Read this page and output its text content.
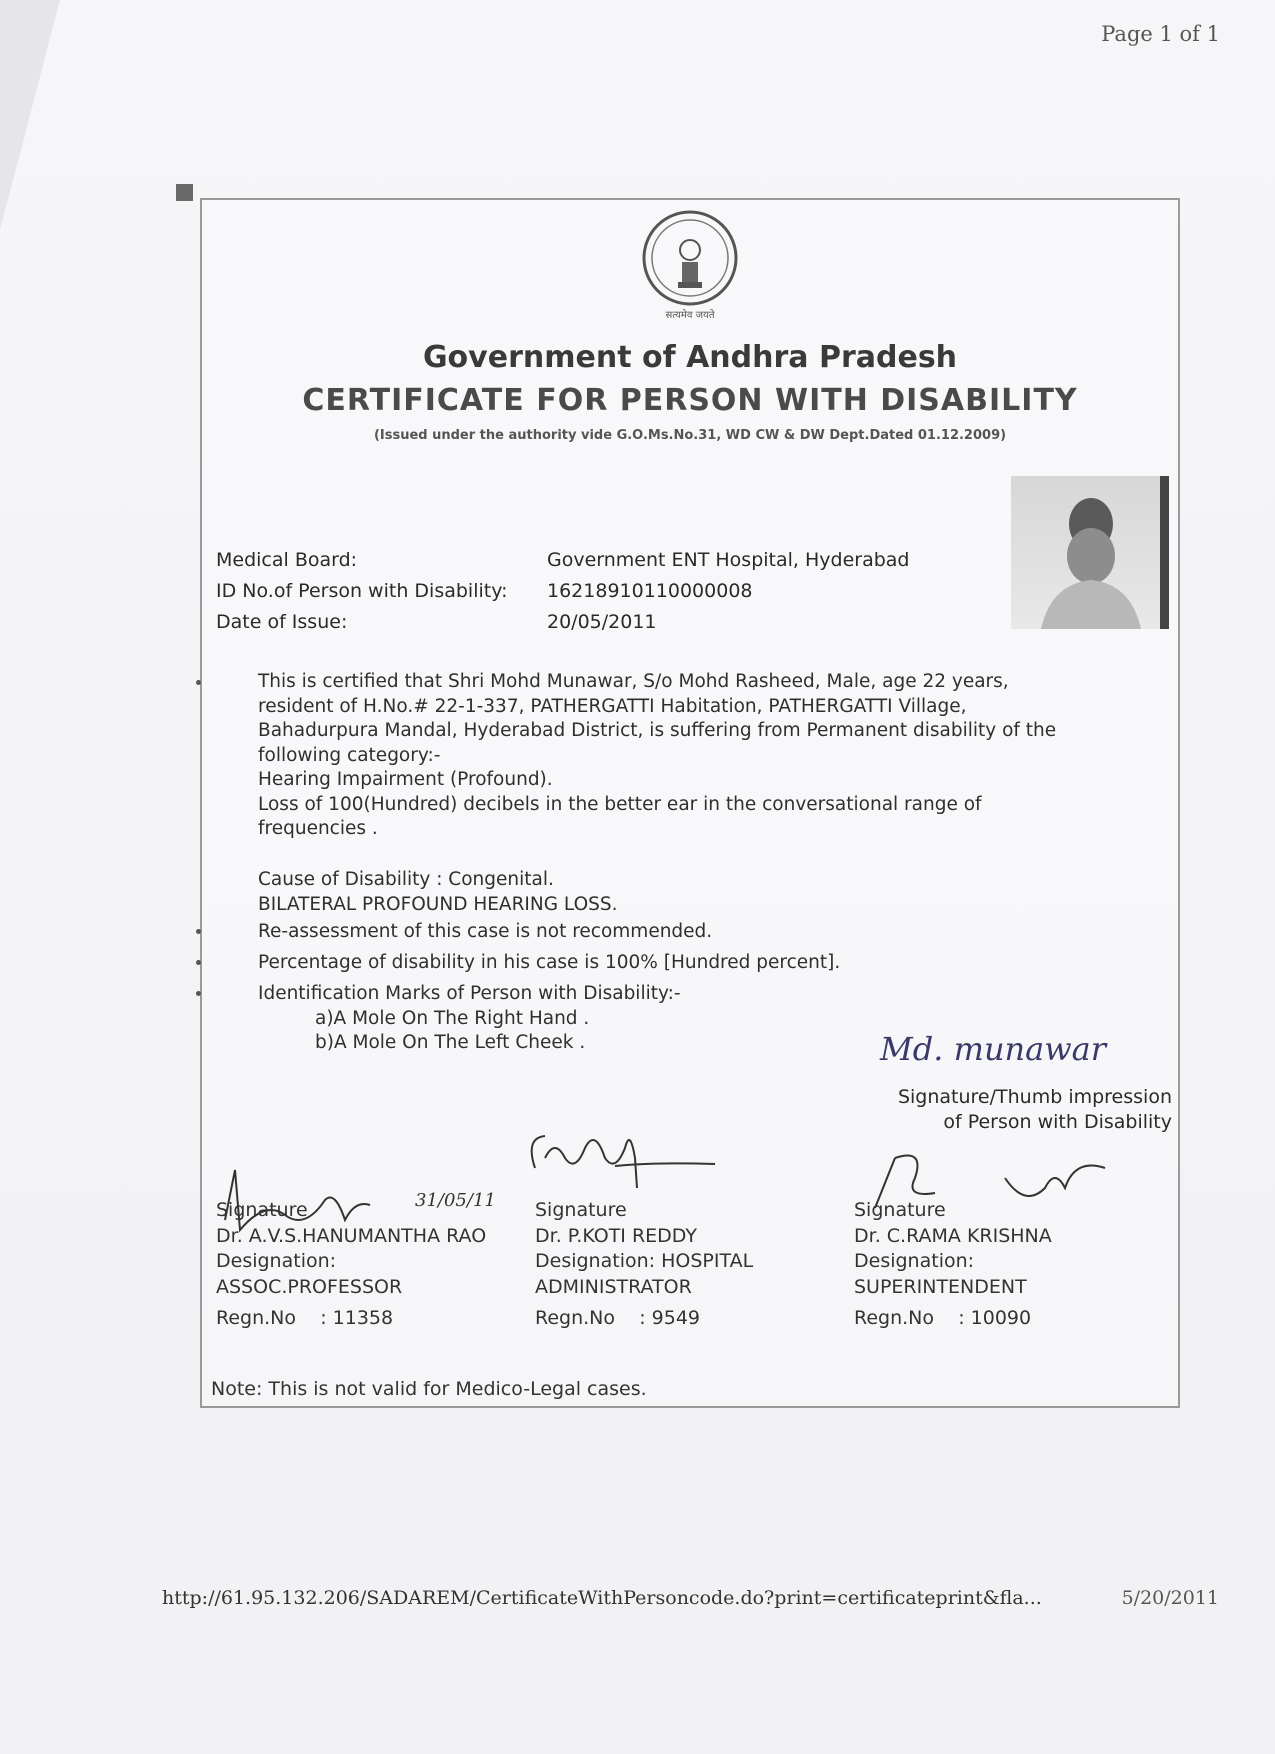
Page 1 of 1
सत्यमेव जयते
Government of Andhra Pradesh
CERTIFICATE FOR PERSON WITH DISABILITY

(Issued under the authority vide G.O.Ms.No.31, WD CW & DW Dept.Dated 01.12.2009)

Medical Board:	Government ENT Hospital, Hyderabad
ID No.of Person with Disability: 16218910110000008
Date of Issue:	20/05/2011
This is certified that Shri Mohd Munawar, S/o Mohd Rasheed, Male, age 22 years,
resident of H.No.# 22-1-337, PATHERGATTI Habitation, PATHERGATTI Village,
Bahadurpura Mandal, Hyderabad District, is suffering from Permanent disability of the
following category:-
Hearing Impairment (Profound).
Loss of 100(Hundred) decibels in the better ear in the conversational range of
frequencies .
Cause of Disability : Congenital.
BILATERAL PROFOUND HEARING LOSS.
Re-assessment of this case is not recommended.
Percentage of disability in his case is 100% [Hundred percent].
Identification Marks of Person with Disability:-
a)A Mole On The Right Hand .
b)A Mole On The Left Cheek .	Md. munawar
Signature/Thumb impression
of Person with Disability
31/05/11
Signature
Dr. A.V.S.HANUMANTHA RAO
Designation:
ASSOC.PROFESSOR
Regn.No : 11358
Signature
Dr. P.KOTI REDDY
Designation: HOSPITAL
ADMINISTRATOR
Regn.No : 9549
Signature
Dr. C.RAMA KRISHNA
Designation:
SUPERINTENDENT
Regn.No : 10090
Note: This is not valid for Medico-Legal cases.
http://61.95.132.206/SADAREM/CertificateWithPersoncode.do?print=certificateprint&fla...	5/20/2011
